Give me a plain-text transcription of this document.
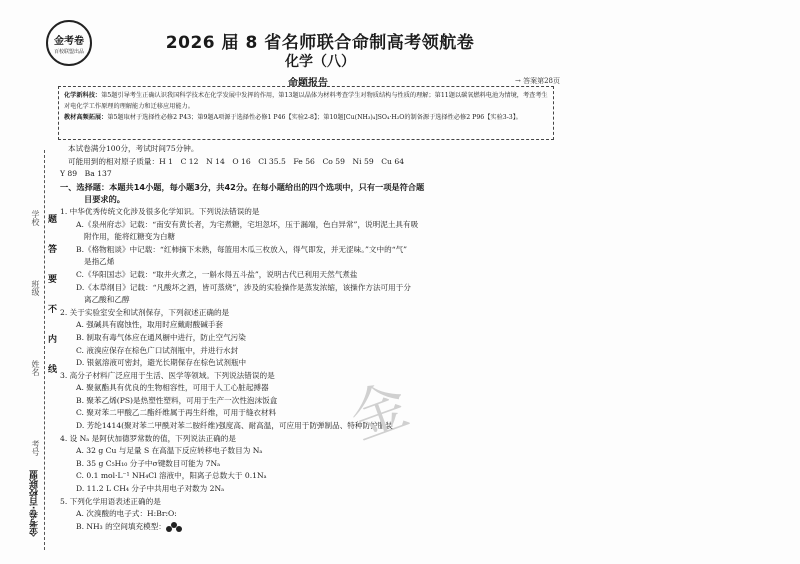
题
答
要
不
内
线
学校
班级
姓名
考号
金考卷·百校联盟
金考卷
百校联盟出品	2026 届 8 省名师联合命制高考领航卷
化学（八）
命题报告	→ 答案第28页
化学新科技：第5题引导考生正确认识我国科学技术在化学发展中发挥的作用，第13题以晶体为材料考查学生对物质结构与性质的理解；第11题以碳氧燃料电池为情境，考查考生对电化学工作原理的理解能力和迁移应用能力。
教材高频拓展：第5题取材于选择性必修2 P43；第9题A项源于选择性必修1 P46【实验2-8】；第10题[Cu(NH₃)₄]SO₄·H₂O的制备源于选择性必修2 P96【实验3-3】。
本试卷满分100分，考试时间75分钟。
可能用到的相对原子质量：H 1　C 12　N 14　O 16　Cl 35.5　Fe 56　Co 59　Ni 59　Cu 64
Y 89　Ba 137
一、选择题：本题共14小题，每小题3分，共42分。在每小题给出的四个选项中，只有一项是符合题
目要求的。
1. 中华优秀传统文化涉及很多化学知识。下列说法错误的是
A.《泉州府志》记载：“南安有黄长者，为宅煮糖，宅坦忽坏，压于漏端，色白异常”，说明泥土具有吸
附作用，能将红糖变为白糖
B.《格物粗谈》中记载：“红柿摘下未熟，每篮用木瓜三枚放入，得气即发，并无涩味。”文中的“气”
是指乙烯
C.《华阳国志》记载：“取井火煮之，一斛水得五斗盐”，说明古代已利用天然气煮盐
D.《本草纲目》记载：“凡酸坏之酒，皆可蒸烧”，涉及的实验操作是蒸发浓缩，该操作方法可用于分
离乙酸和乙醇
2. 关于实验室安全和试剂保存，下列叙述正确的是
A. 强碱具有腐蚀性，取用时应戴耐酸碱手套
B. 制取有毒气体应在通风橱中进行，防止空气污染
C. 液溴应保存在棕色广口试剂瓶中，并进行水封
D. 银氨溶液可密封，避光长期保存在棕色试剂瓶中
3. 高分子材料广泛应用于生活、医学等领域。下列说法错误的是
A. 聚氨酯具有优良的生物相容性，可用于人工心脏起搏器
B. 聚苯乙烯(PS)是热塑性塑料，可用于生产一次性泡沫饭盒
C. 聚对苯二甲酸乙二酯纤维属于再生纤维，可用于缝衣材料
D. 芳纶1414(聚对苯二甲酰对苯二胺纤维)强度高、耐高温，可应用于防弹制品、特种防护服装
4. 设 Nₐ 是阿伏加德罗常数的值，下列说法正确的是
A. 32 g Cu 与足量 S 在高温下反应转移电子数目为 Nₐ
B. 35 g C₅H₁₀ 分子中σ键数目可能为 7Nₐ
C. 0.1 mol·L⁻¹ NH₄Cl 溶液中，阳离子总数大于 0.1Nₐ
D. 11.2 L CH₄ 分子中共用电子对数为 2Nₐ
5. 下列化学用语表述正确的是
A. 次溴酸的电子式：H:Br:O:
B. NH₃ 的空间填充模型：
金
